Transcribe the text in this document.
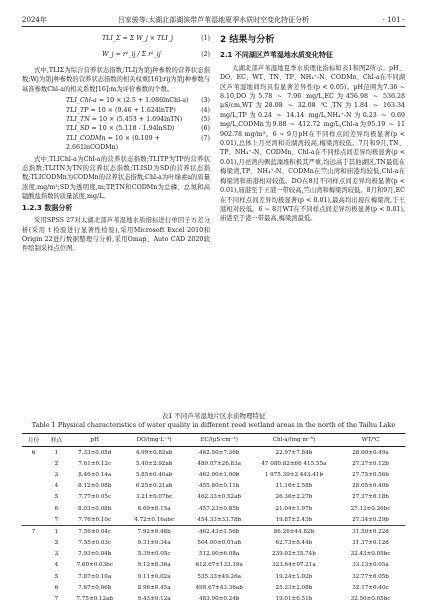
2024年	吕家骏等:太湖北部湖滨带芦苇湿地夏季水质时空变化特征分析	· 101 ·
TLI_Σ = Σ W_j × TLI_j	(1)
W_j = r²_ij / Σ r²_ij	(2)
式中,TLIΣ为综合营养状态指数;TLIj为第j种参数的营养状态指数;Wj为第j种参数的营养状态指数的相关权重[16];rij为第j种参数与基准参数Chl-a的相关系数[16];m为评价参数的个数。
TLI_Chl-a = 10 × (2.5 + 1.086lnChl-a) (3)
TLI_TP = 10 × (9.46 + 1.624lnTP)	(4)
TLI_TN = 10 × (5.453 + 1.694lnTN)	(5)
TLI_SD = 10 × (5.118 - 1.94lnSD)	(6)
TLI_CODMn = 10 × (0.109 + 2.661lnCODMn)
(7)
式中,TLIChl-a为Chl-a的营养状态指数;TLITP为TP的营养状态指数;TLITN为TN的营养状态指数;TLISD为SD的营养状态指数;TLICODMn为CODMn的营养状态指数;Chl-a为叶绿素a的质量浓度,mg/m³;SD为透明度,m;TP,TN和CODMn为总磷、总氮和高锰酸盐指数的质量浓度,mg/L。
1.2.3 数据分析
采用SPSS 27对太湖北部芦苇湿地水质指标进行单因子方差分析(采用 t 检验进行显著性检验),采用Microsoft Excel 2010和Origin 22进行数据整理与分析,采用Omap、Auto CAD 2020软件绘制采样点位图。
2 结果与分析
2.1 不同湖区芦苇湿地水质变化特征
太湖北部芦苇湿地夏季水质理化指标如表1和图2所示。pH、DO、EC、WT、TN、TP、NH₄⁺-N、CODMn、Chl-a在不同湖区芦苇湿地间均具有显著差异性(p < 0.05)。pH范围为7.36 ~ 8.10,DO为5.78 ~ 7.96 mg/L,EC为456.98 ~ 536.28 μS/cm,WT为28.08 ~ 32.08 ℃,TN为1.84 ~ 163.34 mg/L,TP为0.24 ~ 14.14 mg/L,NH₄⁺-N为0.23 ~ 0.69 mg/L,CODMn为9.88 ~ 412.72 mg/L,Chl-a为95.19 ~ 11 902.78 mg/m³。6 ~ 9月pH在不同样点间差异均极显著(p < 0.01),总体上月亮湾和贡湖湾较高,梅梁湾较低。7月和9月,TN、TP、NH₄⁺-N、CODMn、Chl-a在不同样点间差异均极显著(p < 0.01),月亮湾内侧蓝藻堆积极其严重,均远高于其他湖区,TN最低在梅梁湾,TP、NH₄⁺-N、CODMn在竺山湾和庙港均较低,Chl-a在梅梁湾和庙港相对较低。DO在8月不同样点间差异均极显著(p < 0.01),庙港至于王港一带较高,竺山湾和梅梁湾较低。8月和9月,EC在不同样点间差异均极显著(p < 0.01),最高均出现在梅梁湾,于王港相对较低。6 ~ 8月WT在不同样点间差异均极显著(p < 0.01),庙港至于港一带最高,梅梁湾最低。
表1 不同芦苇湿地片区水质物理特征
Table 1 Physical characteristics of water quality in different reed wetland areas in the north of the Taihu Lake
月份	样点	pH	DO/(mg·L⁻¹)	EC/(μS·cm⁻¹)	Chl-a/(mg·m⁻³)	WT/℃
6	1	7.33±0.05d	4.99±0.82ab	462.50±7.36b	22.97±7.84b	28.90±0.49a
	2	7.61±0.12c	5.40±2.92ab	480.07±26.83a	47 080.82±66 415.55a	27.37±0.12b
	3	8.46±0.14a	5.85±0.40ab	462.00±1.00b	1 975.39±2 443.41b	27.75±0.56b
	4	8.12±0.08b	6.25±0.21ab	455.80±0.11b	11.16±2.58b	28.05±0.40b
	5	7.77±0.05c	3.21±0.07bc	462.33±0.52ab	26.30±2.27b	27.37±0.18b
	6	8.03±0.08b	6.69±0.15a	457.23±0.85b	21.04±1.97b	27.13±0.26bc
	7	7.76±0.10c	4.72±0.16abc	454.33±33.78b	19.87±2.43b	27.34±0.29b
7	1	7.56±0.04c	7.92±0.48b	462.43±1.56b	86.26±44.82b	31.50±0.22d
	2	7.55±0.03c	9.31±0.34a	504.00±0.01ab	62.73±8.44b	31.37±0.12d
	3	7.93±0.04b	5.39±0.05c	512.00±6.08a	239.02±35.74b	32.43±0.05bc
	4	7.60±0.03bc	9.12±0.36a	612.67±133.19a	323.64±97.21a	33.13±0.05a
	5	7.87±0.10a	9.11±0.02a	535.33±49.26a	19.24±1.02b	32.77±0.05b
	6	7.67±0.06b	8.96±0.45a	498.67±43.36ab	25.23±2.08b	32.17±0.40c
	7	7.75±0.12ab	9.43±0.12a	483.90±0.24b	19.01±6.51b	32.50±0.05bc
